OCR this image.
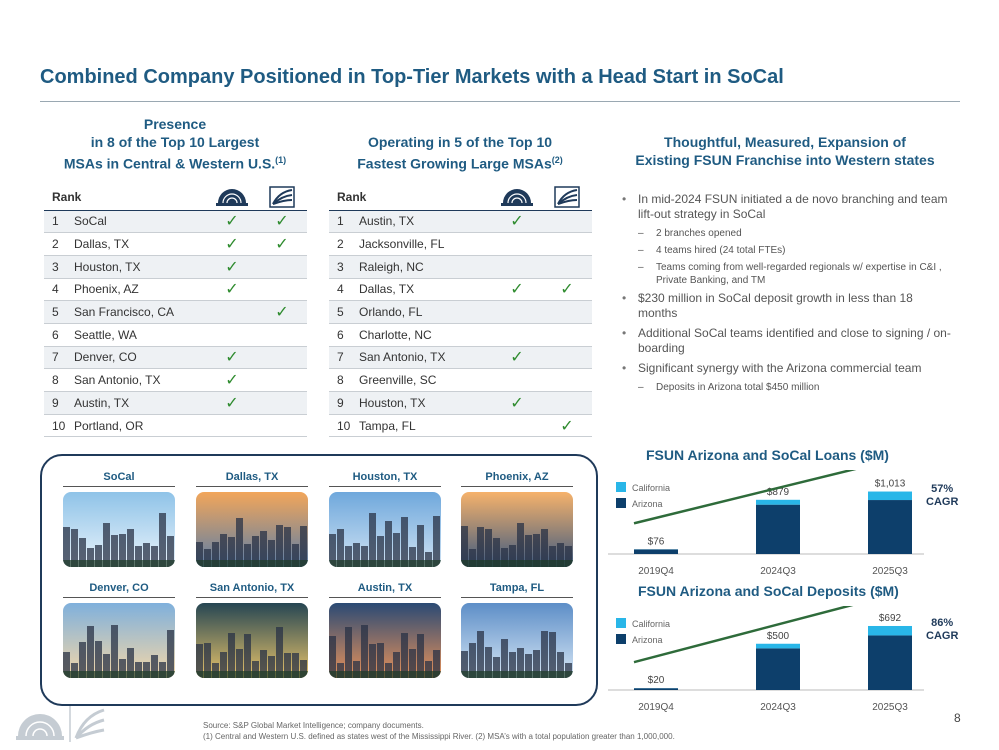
Combined Company Positioned in Top-Tier Markets with a Head Start in SoCal
Presence
in 8 of the Top 10 Largest
MSAs in Central & Western U.S.$^{(1)}$
Operating in 5 of the Top 10
Fastest Growing Large MSAs$^{(2)}$
Thoughtful, Measured, Expansion of
Existing FSUN Franchise into Western states
Rank		
1	SoCal	✓	✓
2	Dallas, TX	✓	✓
3	Houston, TX	✓	
4	Phoenix, AZ	✓	
5	San Francisco, CA		✓
6	Seattle, WA		
7	Denver, CO	✓	
8	San Antonio, TX	✓	
9	Austin, TX	✓	
10	Portland, OR		
Rank		
1	Austin, TX	✓	
2	Jacksonville, FL		
3	Raleigh, NC		
4	Dallas, TX	✓	✓
5	Orlando, FL		
6	Charlotte, NC		
7	San Antonio, TX	✓	
8	Greenville, SC		
9	Houston, TX	✓	
10	Tampa, FL		✓
• In mid-2024 FSUN initiated a de novo branching and team lift-out strategy in SoCal
– 2 branches opened
– 4 teams hired (24 total FTEs)
– Teams coming from well-regarded regionals w/ expertise in C&I , Private Banking, and TM
• $230 million in SoCal deposit growth in less than 18 months
• Additional SoCal teams identified and close to signing / on-boarding
• Significant synergy with the Arizona commercial team
– Deposits in Arizona total $450 million
SoCal	Dallas, TX	Houston, TX	Phoenix, AZ
Denver, CO	San Antonio, TX	Austin, TX	Tampa, FL
FSUN Arizona and SoCal Loans ($M)
57%
CAGR
California
Arizona
$76
2019Q4
$879
2024Q3
$1,013
2025Q3
FSUN Arizona and SoCal Deposits ($M)
86%
CAGR
California
Arizona
$20
2019Q4
$500
2024Q3
$692
2025Q3
Source: S&P Global Market Intelligence; company documents.
(1) Central and Western U.S. defined as states west of the Mississippi River. (2) MSA’s with a total population greater than 1,000,000.
8
